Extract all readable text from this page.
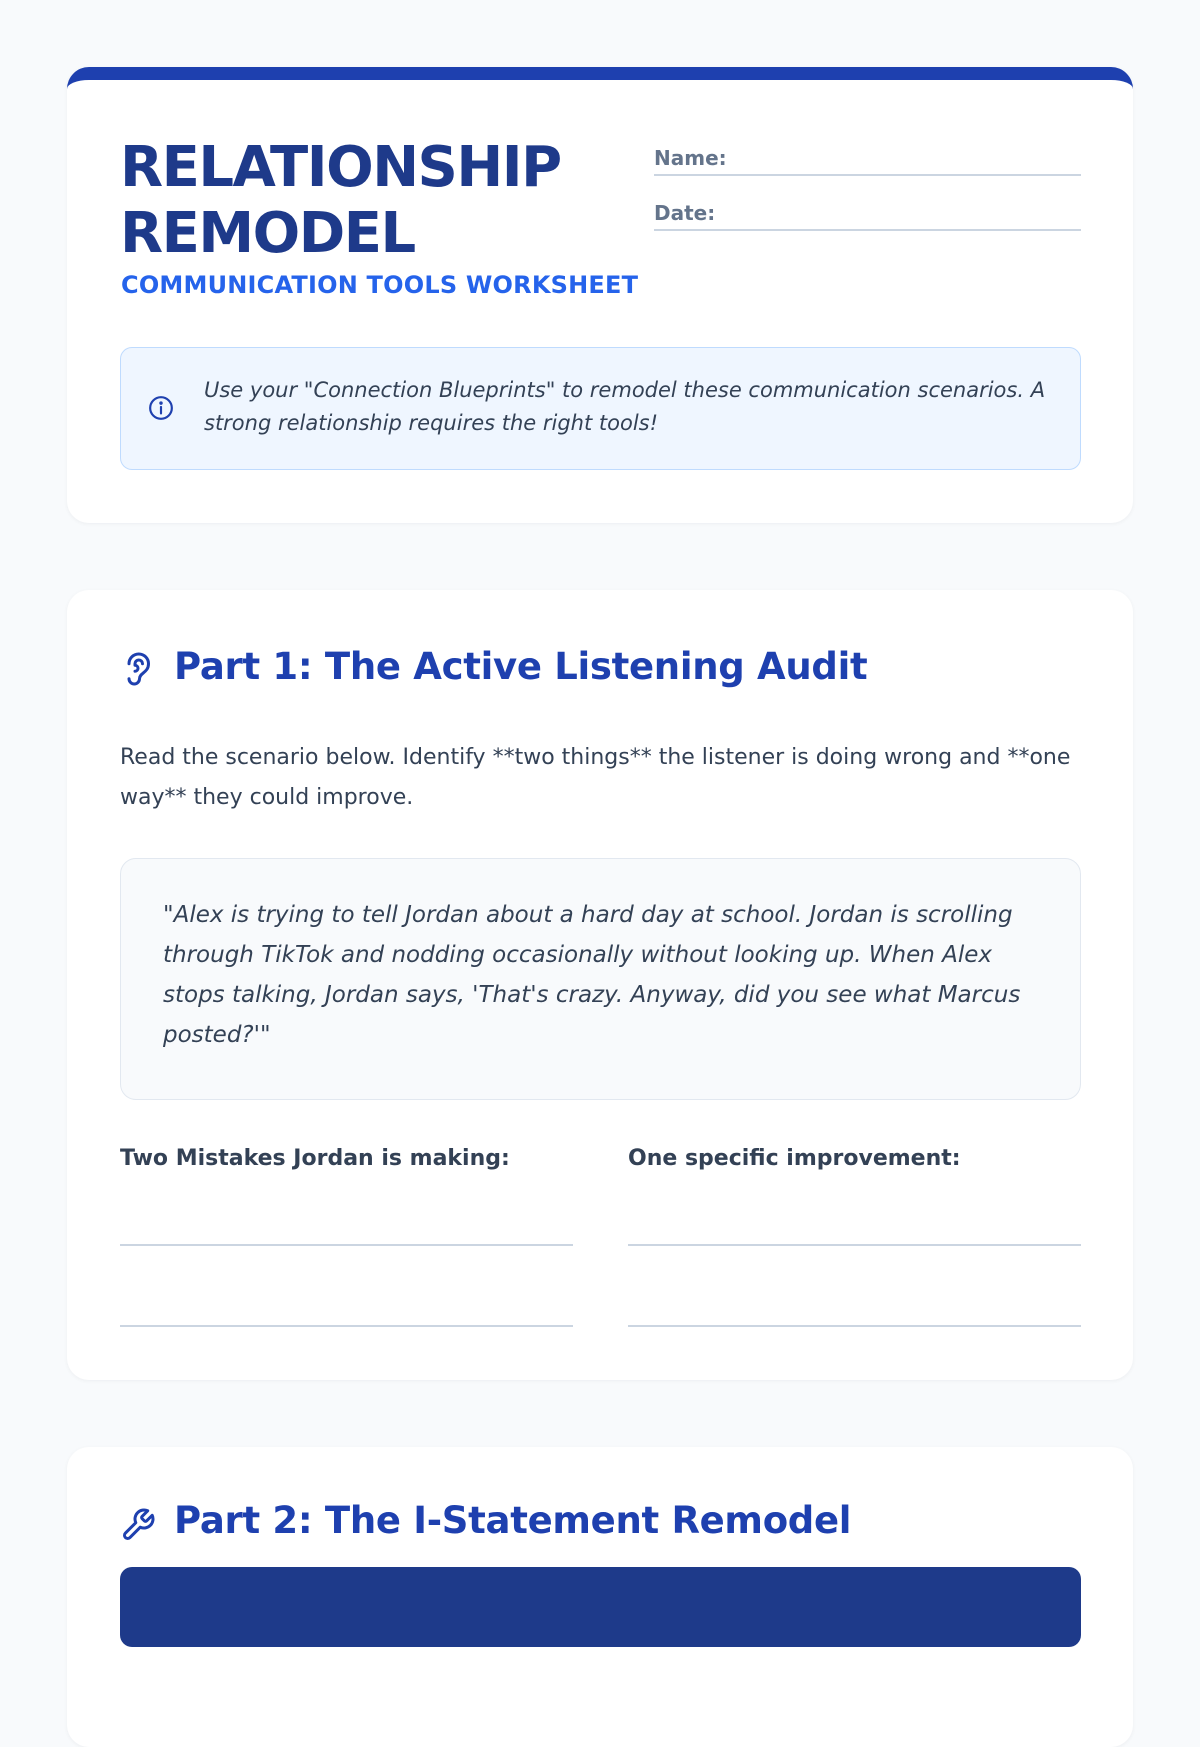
RELATIONSHIP
REMODEL
COMMUNICATION TOOLS WORKSHEET
Name:
Date:
Use your "Connection Blueprints" to remodel these communication scenarios. A strong relationship requires the right tools!
Part 1: The Active Listening Audit
Read the scenario below. Identify **two things** the listener is doing wrong and **one way** they could improve.
"Alex is trying to tell Jordan about a hard day at school. Jordan is scrolling through TikTok and nodding occasionally without looking up. When Alex stops talking, Jordan says, 'That's crazy. Anyway, did you see what Marcus posted?'"
Two Mistakes Jordan is making:	One specific improvement:
Part 2: The I-Statement Remodel
